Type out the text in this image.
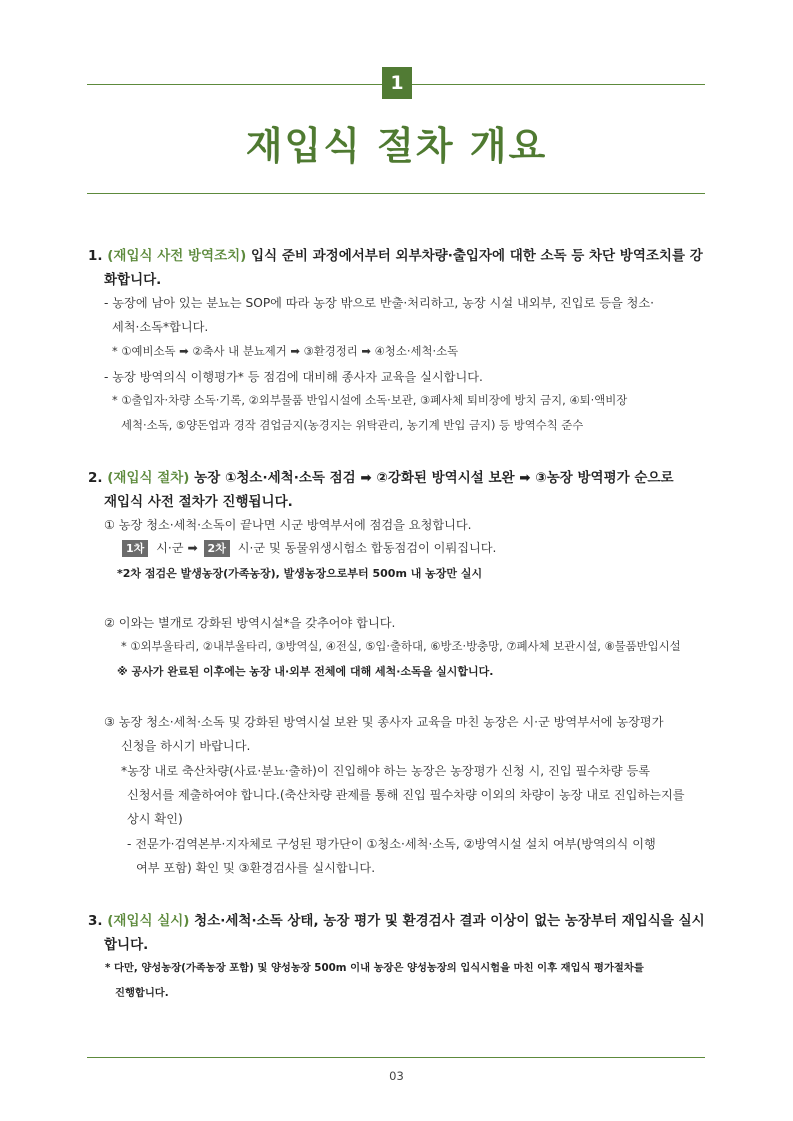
1
재입식 절차 개요
1. (재입식 사전 방역조치) 입식 준비 과정에서부터 외부차량·출입자에 대한 소독 등 차단 방역조치를 강
화합니다.
- 농장에 남아 있는 분뇨는 SOP에 따라 농장 밖으로 반출·처리하고, 농장 시설 내외부, 진입로 등을 청소·
세척·소독*합니다.
* ①예비소독 ➡ ②축사 내 분뇨제거 ➡ ③환경정리 ➡ ④청소·세척·소독
- 농장 방역의식 이행평가* 등 점검에 대비해 종사자 교육을 실시합니다.
* ①출입자·차량 소독·기록, ②외부물품 반입시설에 소독·보관, ③폐사체 퇴비장에 방치 금지, ④퇴·액비장
세척·소독, ⑤양돈업과 경작 겸업금지(농경지는 위탁관리, 농기계 반입 금지) 등 방역수칙 준수
2. (재입식 절차) 농장 ①청소·세척·소독 점검 ➡ ②강화된 방역시설 보완 ➡ ③농장 방역평가 순으로
재입식 사전 절차가 진행됩니다.
① 농장 청소·세척·소독이 끝나면 시군 방역부서에 점검을 요청합니다.
1차 시·군 ➡ 2차 시·군 및 동물위생시험소 합동점검이 이뤄집니다.
*2차 점검은 발생농장(가족농장), 발생농장으로부터 500m 내 농장만 실시
② 이와는 별개로 강화된 방역시설*을 갖추어야 합니다.
* ①외부울타리, ②내부울타리, ③방역실, ④전실, ⑤입·출하대, ⑥방조·방충망, ⑦폐사체 보관시설, ⑧물품반입시설
※ 공사가 완료된 이후에는 농장 내·외부 전체에 대해 세척·소독을 실시합니다.
③ 농장 청소·세척·소독 및 강화된 방역시설 보완 및 종사자 교육을 마친 농장은 시·군 방역부서에 농장평가
신청을 하시기 바랍니다.
*농장 내로 축산차량(사료·분뇨·출하)이 진입해야 하는 농장은 농장평가 신청 시, 진입 필수차량 등록
신청서를 제출하여야 합니다.(축산차량 관제를 통해 진입 필수차량 이외의 차량이 농장 내로 진입하는지를
상시 확인)
- 전문가·검역본부·지자체로 구성된 평가단이 ①청소·세척·소독, ②방역시설 설치 여부(방역의식 이행
여부 포함) 확인 및 ③환경검사를 실시합니다.
3. (재입식 실시) 청소·세척·소독 상태, 농장 평가 및 환경검사 결과 이상이 없는 농장부터 재입식을 실시
합니다.
* 다만, 양성농장(가족농장 포함) 및 양성농장 500m 이내 농장은 양성농장의 입식시험을 마친 이후 재입식 평가절차를
진행합니다.
03
